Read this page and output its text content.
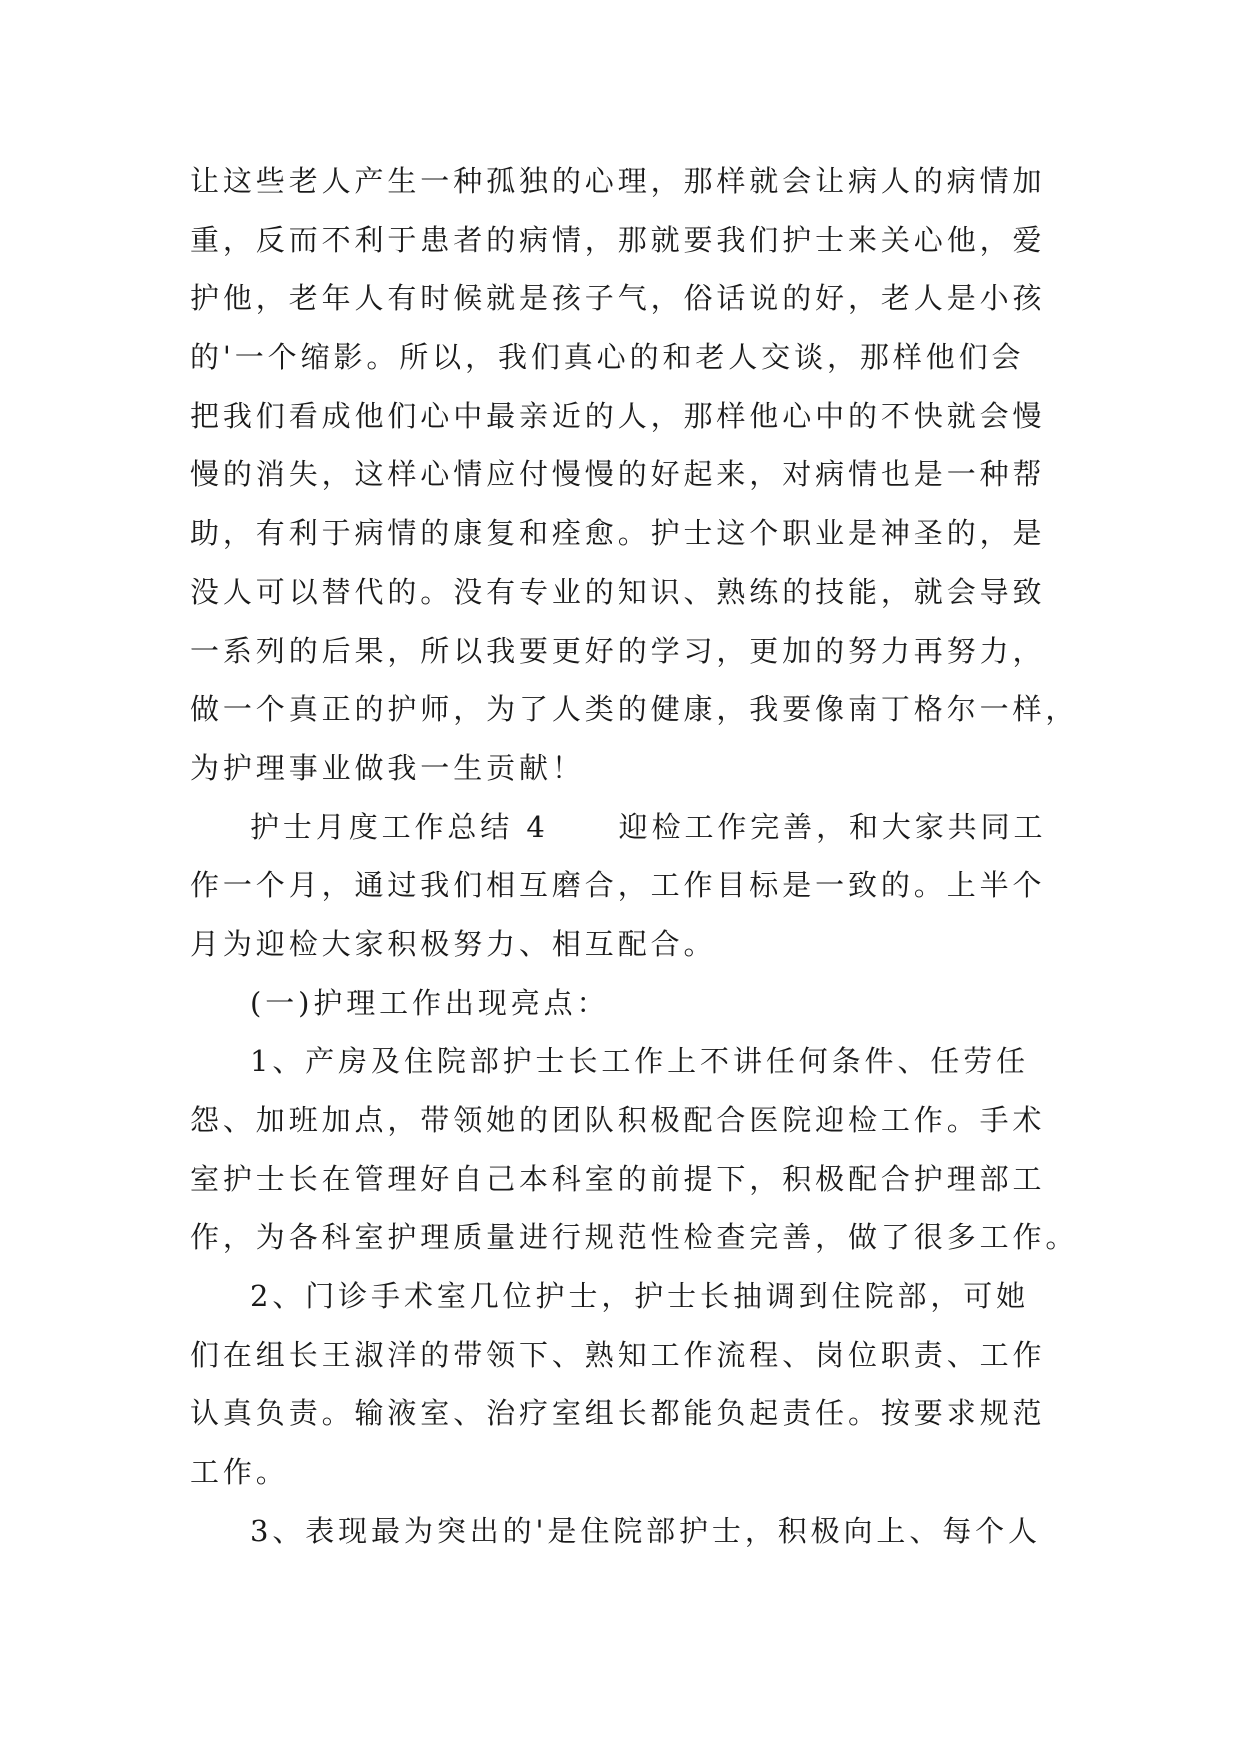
让这些老人产生一种孤独的心理，那样就会让病人的病情加
重，反而不利于患者的病情，那就要我们护士来关心他，爱
护他，老年人有时候就是孩子气，俗话说的好，老人是小孩
的'一个缩影。所以，我们真心的和老人交谈，那样他们会
把我们看成他们心中最亲近的人，那样他心中的不快就会慢
慢的消失，这样心情应付慢慢的好起来，对病情也是一种帮
助，有利于病情的康复和痊愈。护士这个职业是神圣的，是
没人可以替代的。没有专业的知识、熟练的技能，就会导致
一系列的后果，所以我要更好的学习，更加的努力再努力，
做一个真正的护师，为了人类的健康，我要像南丁格尔一样，
为护理事业做我一生贡献！
护士月度工作总结 4 迎检工作完善，和大家共同工
作一个月，通过我们相互磨合，工作目标是一致的。上半个
月为迎检大家积极努力、相互配合。
(一)护理工作出现亮点：
1、产房及住院部护士长工作上不讲任何条件、任劳任
怨、加班加点，带领她的团队积极配合医院迎检工作。手术
室护士长在管理好自己本科室的前提下，积极配合护理部工
作，为各科室护理质量进行规范性检查完善，做了很多工作。
2、门诊手术室几位护士，护士长抽调到住院部，可她
们在组长王淑洋的带领下、熟知工作流程、岗位职责、工作
认真负责。输液室、治疗室组长都能负起责任。按要求规范
工作。
3、表现最为突出的'是住院部护士，积极向上、每个人
